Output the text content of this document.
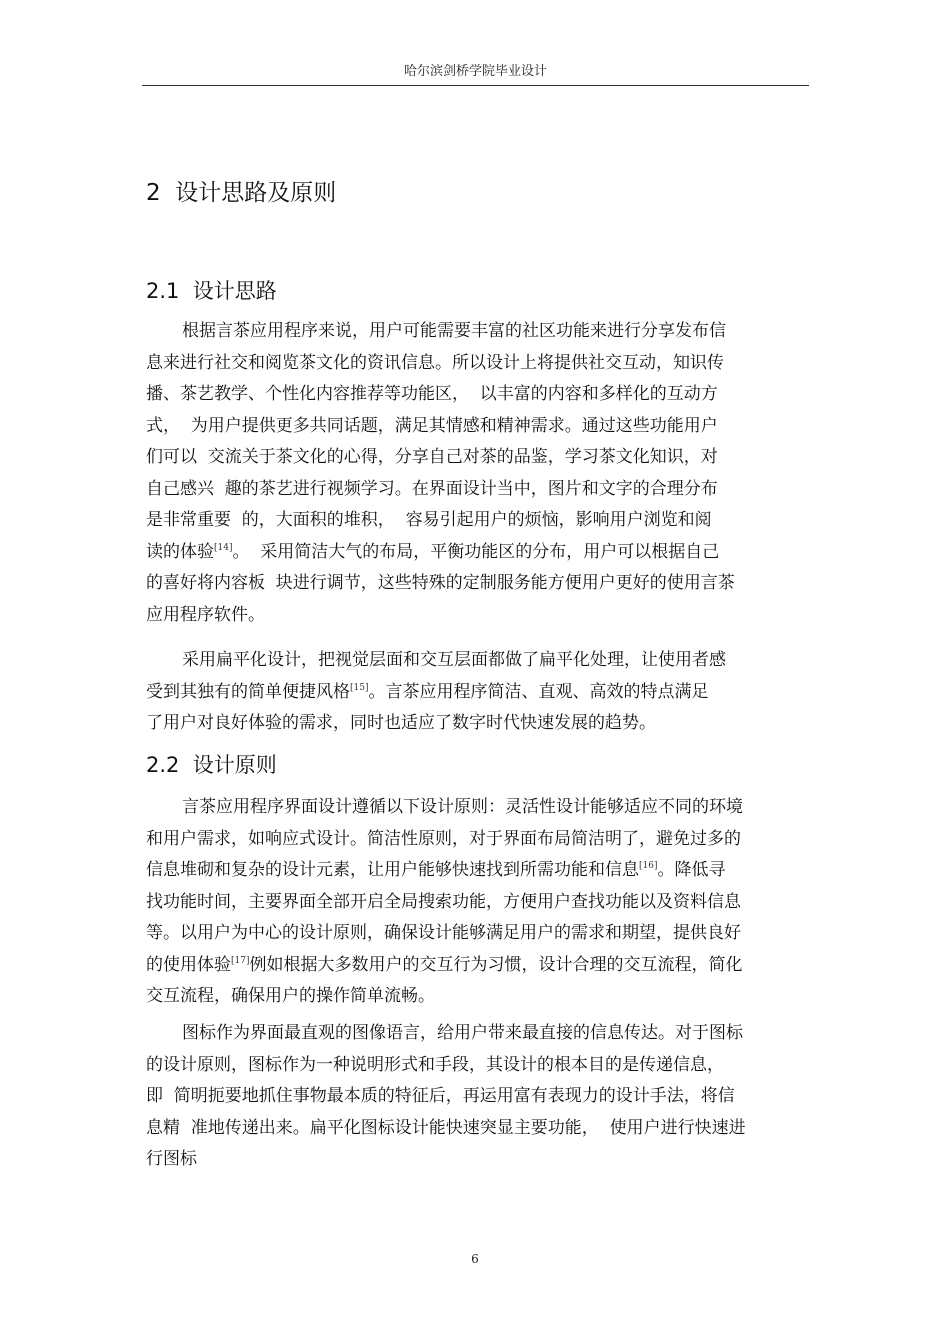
哈尔滨剑桥学院毕业设计
2  设计思路及原则
2.1  设计思路
根据言茶应用程序来说，用户可能需要丰富的社区功能来进行分享发布信
息来进行社交和阅览茶文化的资讯信息。所以设计上将提供社交互动，知识传
播、茶艺教学、个性化内容推荐等功能区，  以丰富的内容和多样化的互动方
式，  为用户提供更多共同话题，满足其情感和精神需求。通过这些功能用户
们可以  交流关于茶文化的心得，分享自己对茶的品鉴，学习茶文化知识，对
自己感兴  趣的茶艺进行视频学习。在界面设计当中，图片和文字的合理分布
是非常重要  的，大面积的堆积，  容易引起用户的烦恼，影响用户浏览和阅
读的体验[14]。  采用简洁大气的布局，平衡功能区的分布，用户可以根据自己
的喜好将内容板  块进行调节，这些特殊的定制服务能方便用户更好的使用言茶
应用程序软件。
采用扁平化设计，把视觉层面和交互层面都做了扁平化处理，让使用者感
受到其独有的简单便捷风格[15]。言茶应用程序简洁、直观、高效的特点满足
了用户对良好体验的需求，同时也适应了数字时代快速发展的趋势。
2.2  设计原则
言茶应用程序界面设计遵循以下设计原则：灵活性设计能够适应不同的环境
和用户需求，如响应式设计。简洁性原则，对于界面布局简洁明了，避免过多的
信息堆砌和复杂的设计元素，让用户能够快速找到所需功能和信息[16]。降低寻
找功能时间，主要界面全部开启全局搜索功能，方便用户查找功能以及资料信息
等。以用户为中心的设计原则，确保设计能够满足用户的需求和期望，提供良好
的使用体验[17]例如根据大多数用户的交互行为习惯，设计合理的交互流程，简化
交互流程，确保用户的操作简单流畅。
图标作为界面最直观的图像语言，给用户带来最直接的信息传达。对于图标
的设计原则，图标作为一种说明形式和手段，其设计的根本目的是传递信息，
即  简明扼要地抓住事物最本质的特征后，再运用富有表现力的设计手法，将信
息精  准地传递出来。扁平化图标设计能快速突显主要功能，  使用户进行快速进
行图标
6
